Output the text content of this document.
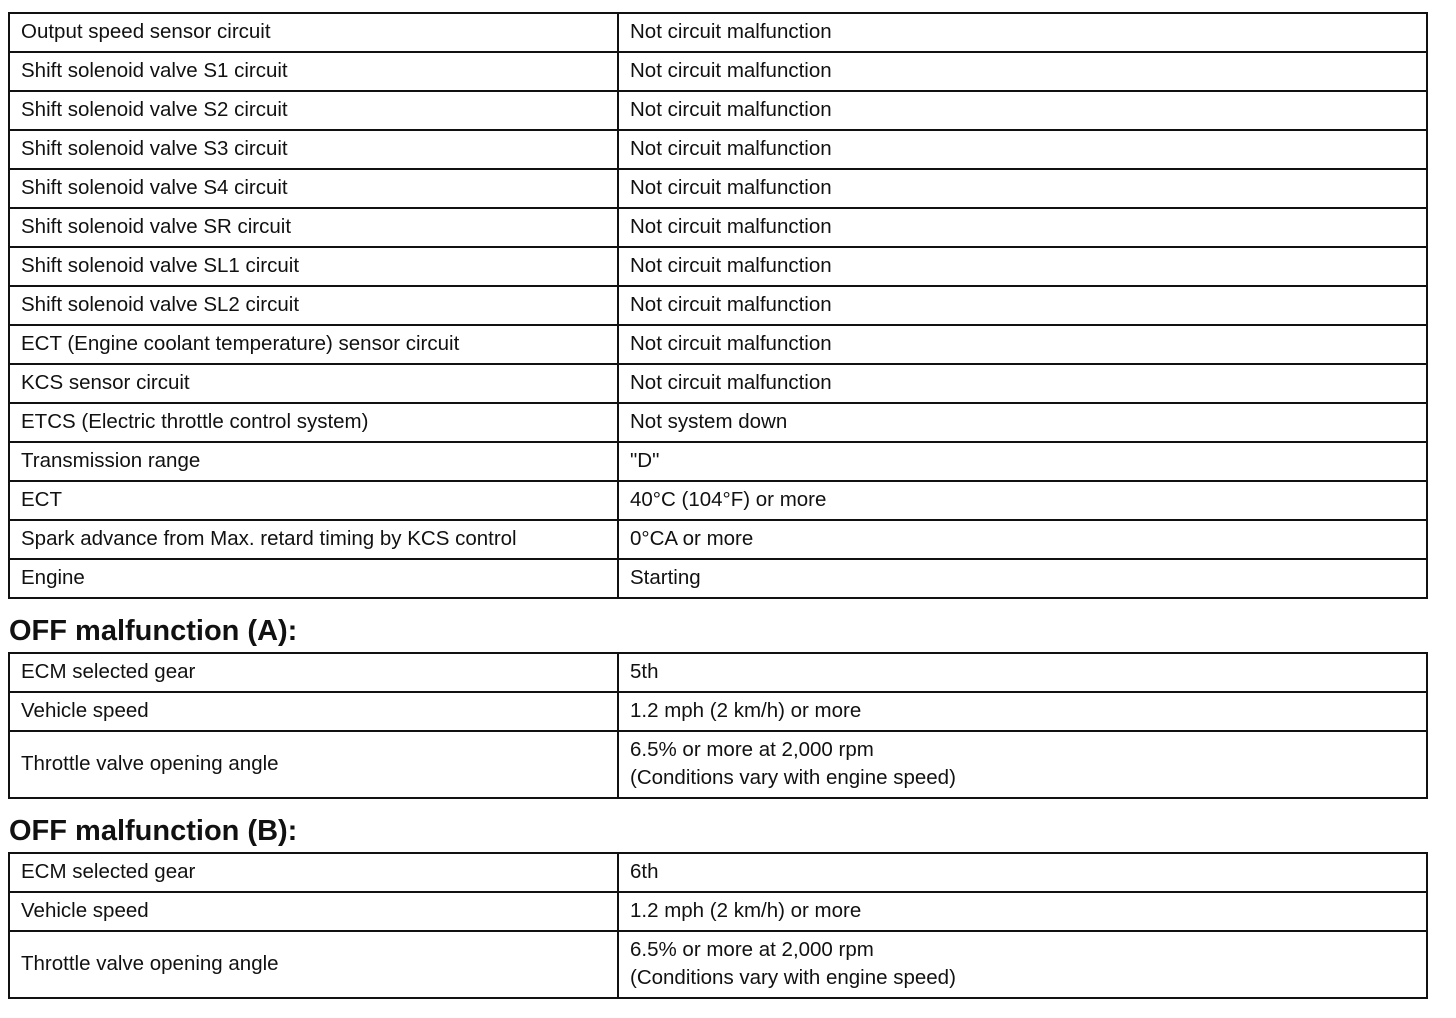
Output speed sensor circuit	Not circuit malfunction
Shift solenoid valve S1 circuit	Not circuit malfunction
Shift solenoid valve S2 circuit	Not circuit malfunction
Shift solenoid valve S3 circuit	Not circuit malfunction
Shift solenoid valve S4 circuit	Not circuit malfunction
Shift solenoid valve SR circuit	Not circuit malfunction
Shift solenoid valve SL1 circuit	Not circuit malfunction
Shift solenoid valve SL2 circuit	Not circuit malfunction
ECT (Engine coolant temperature) sensor circuit	Not circuit malfunction
KCS sensor circuit	Not circuit malfunction
ETCS (Electric throttle control system)	Not system down
Transmission range	"D"
ECT	40°C (104°F) or more
Spark advance from Max. retard timing by KCS control	0°CA or more
Engine	Starting
OFF malfunction (A):
ECM selected gear	5th
Vehicle speed	1.2 mph (2 km/h) or more
Throttle valve opening angle	6.5% or more at 2,000 rpm
(Conditions vary with engine speed)
OFF malfunction (B):
ECM selected gear	6th
Vehicle speed	1.2 mph (2 km/h) or more
Throttle valve opening angle	6.5% or more at 2,000 rpm
(Conditions vary with engine speed)
